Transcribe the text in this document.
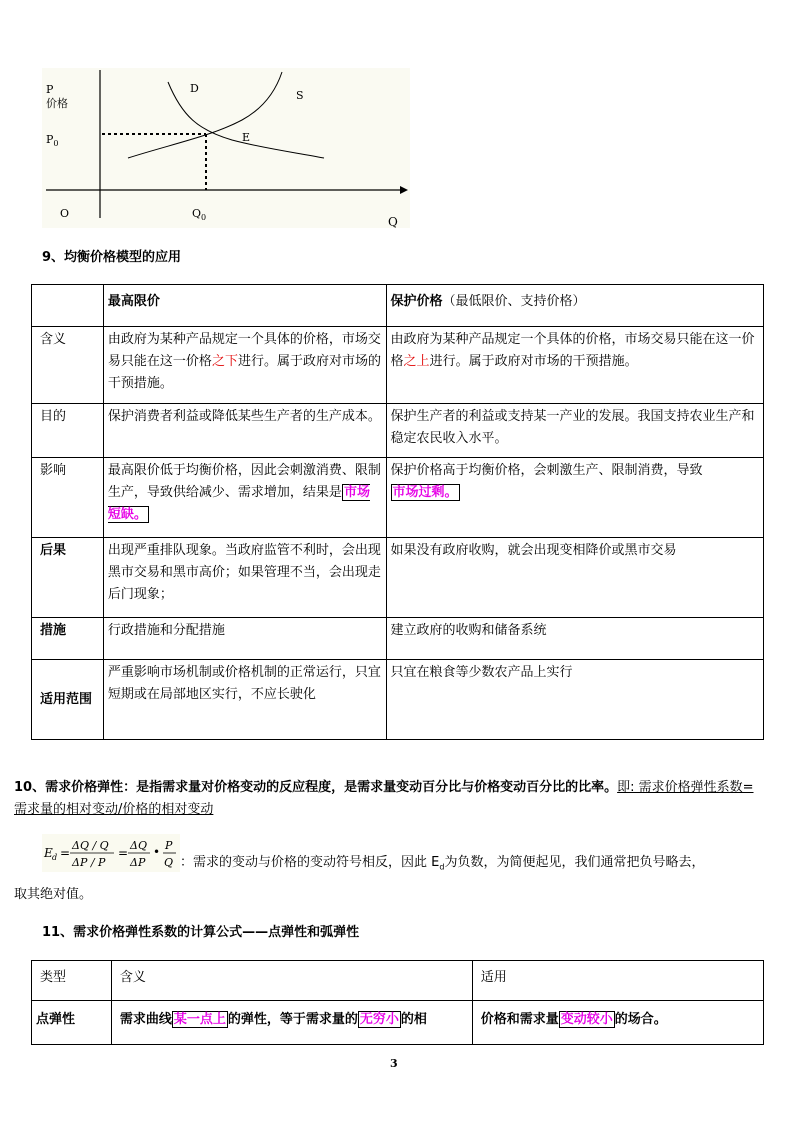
P
价格
$P_0$
D
S
E
O	$Q_0$	Q
9、均衡价格模型的应用
	最高限价	保护价格（最低限价、支持价格）
含义	由政府为某种产品规定一个具体的价格，市场交易只能在这一价格之下进行。属于政府对市场的干预措施。	由政府为某种产品规定一个具体的价格，市场交易只能在这一价格之上进行。属于政府对市场的干预措施。
目的	保护消费者利益或降低某些生产者的生产成本。	保护生产者的利益或支持某一产业的发展。我国支持农业生产和稳定农民收入水平。
影响	最高限价低于均衡价格，因此会刺激消费、限制生产，导致供给减少、需求增加，结果是 市场短缺。	保护价格高于均衡价格，会刺激生产、限制消费，导致
市场过剩。
后果	出现严重排队现象。当政府监管不利时，会出现黑市交易和黑市高价；如果管理不当，会出现走后门现象；	如果没有政府收购，就会出现变相降价或黑市交易
措施	行政措施和分配措施	建立政府的收购和储备系统
适用范围	严重影响市场机制或价格机制的正常运行，只宜短期或在局部地区实行，不应长驶化	只宜在粮食等少数农产品上实行
10、需求价格弹性：是指需求量对价格变动的反应程度，是需求量变动百分比与价格变动百分比的比率。即: 需求价格弹性系数=需求量的相对变动/价格的相对变动
E d =
ΔQ / Q
ΔP / P
=
ΔQ
ΔP
• P
Q ：需求的变动与价格的变动符号相反，因此 $E_d$为负数，为简便起见，我们通常把负号略去，
取其绝对值。
11、需求价格弹性系数的计算公式——点弹性和弧弹性
类型	含义	适用
点弹性	需求曲线 某一点上 的弹性，等于需求量的 无穷小 的相	价格和需求量 变动较小 的场合。
3
